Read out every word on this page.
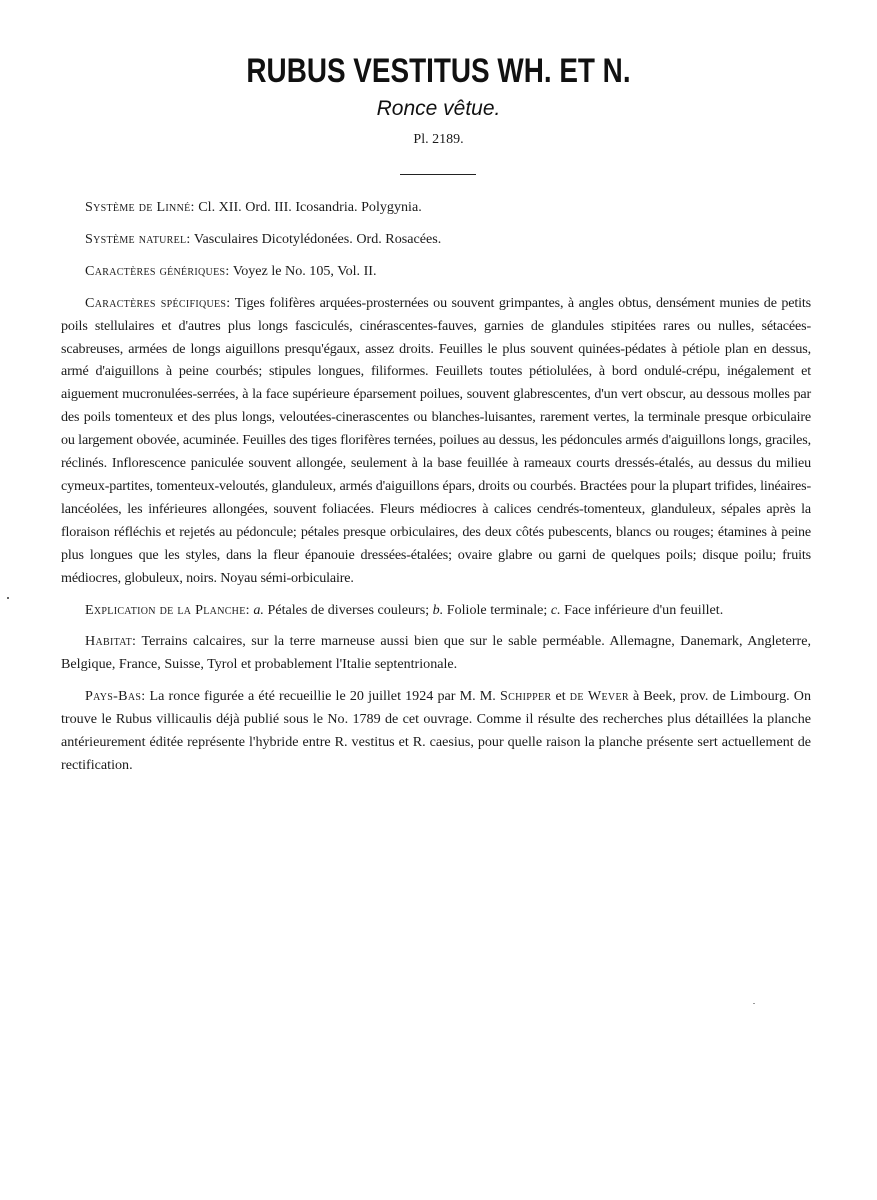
RUBUS VESTITUS WH. ET N.
Ronce vêtue.
Pl. 2189.

Système de Linné: Cl. XII. Ord. III. Icosandria. Polygynia.

Système naturel: Vasculaires Dicotylédonées. Ord. Rosacées.

Caractères génériques: Voyez le No. 105, Vol. II.

Caractères spécifiques: Tiges folifères arquées-prosternées ou souvent grimpantes, à angles obtus, densément munies de petits poils stellulaires et d'autres plus longs fasciculés, cinérascentes-fauves, garnies de glandules stipitées rares ou nulles, sétacées-scabreuses, armées de longs aiguillons presqu'égaux, assez droits. Feuilles le plus souvent quinées-pédates à pétiole plan en dessus, armé d'aiguillons à peine courbés; stipules longues, filiformes. Feuillets toutes pétiolulées, à bord ondulé-crépu, inégalement et aiguement mucronulées-serrées, à la face supérieure éparsement poilues, souvent glabrescentes, d'un vert obscur, au dessous molles par des poils tomenteux et des plus longs, veloutées-cinerascentes ou blanches-luisantes, rarement vertes, la terminale presque orbiculaire ou largement obovée, acuminée. Feuilles des tiges florifères ternées, poilues au dessus, les pédoncules armés d'aiguillons longs, graciles, réclinés. Inflorescence paniculée souvent allongée, seulement à la base feuillée à rameaux courts dressés-étalés, au dessus du milieu cymeux-partites, tomenteux-veloutés, glanduleux, armés d'aiguillons épars, droits ou courbés. Bractées pour la plupart trifides, linéaires-lancéolées, les inférieures allongées, souvent foliacées. Fleurs médiocres à calices cendrés-tomenteux, glanduleux, sépales après la floraison réfléchis et rejetés au pédoncule; pétales presque orbiculaires, des deux côtés pubescents, blancs ou rouges; étamines à peine plus longues que les styles, dans la fleur épanouie dressées-étalées; ovaire glabre ou garni de quelques poils; disque poilu; fruits médiocres, globuleux, noirs. Noyau sémi-orbiculaire.

Explication de la Planche: a. Pétales de diverses couleurs; b. Foliole terminale; c. Face inférieure d'un feuillet.

Habitat: Terrains calcaires, sur la terre marneuse aussi bien que sur le sable perméable. Allemagne, Danemark, Angleterre, Belgique, France, Suisse, Tyrol et probablement l'Italie septentrionale.

Pays-Bas: La ronce figurée a été recueillie le 20 juillet 1924 par M. M. Schipper et de Wever à Beek, prov. de Limbourg. On trouve le Rubus villicaulis déjà publié sous le No. 1789 de cet ouvrage. Comme il résulte des recherches plus détaillées la planche antérieurement éditée représente l'hybride entre R. vestitus et R. caesius, pour quelle raison la planche présente sert actuellement de rectification.
